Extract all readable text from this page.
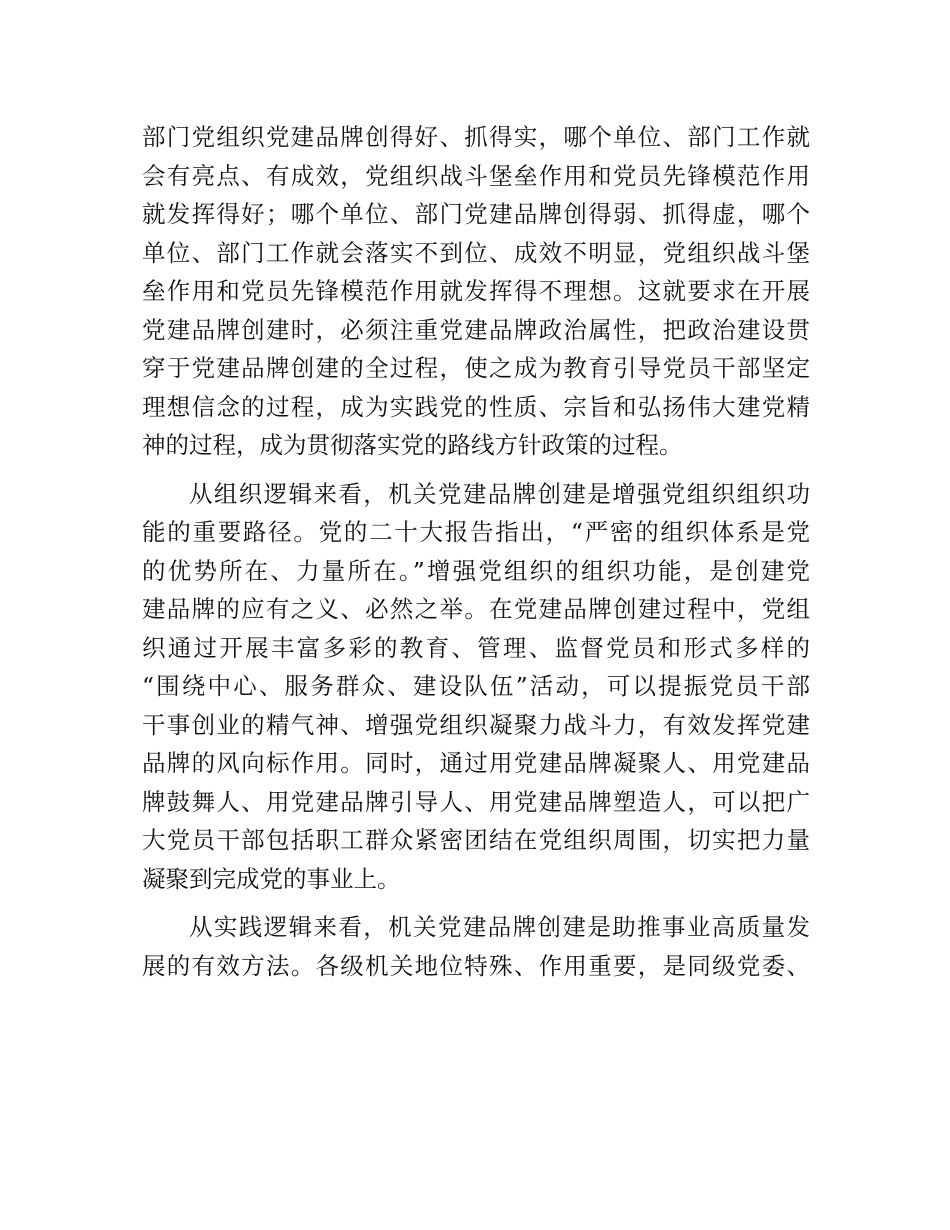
部门党组织党建品牌创得好、抓得实，哪个单位、部门工作就
会有亮点、有成效，党组织战斗堡垒作用和党员先锋模范作用
就发挥得好；哪个单位、部门党建品牌创得弱、抓得虚，哪个
单位、部门工作就会落实不到位、成效不明显，党组织战斗堡
垒作用和党员先锋模范作用就发挥得不理想。这就要求在开展
党建品牌创建时，必须注重党建品牌政治属性，把政治建设贯
穿于党建品牌创建的全过程，使之成为教育引导党员干部坚定
理想信念的过程，成为实践党的性质、宗旨和弘扬伟大建党精
神的过程，成为贯彻落实党的路线方针政策的过程。
从组织逻辑来看，机关党建品牌创建是增强党组织组织功
能的重要路径。党的二十大报告指出，“严密的组织体系是党
的优势所在、力量所在。”增强党组织的组织功能，是创建党
建品牌的应有之义、必然之举。在党建品牌创建过程中，党组
织通过开展丰富多彩的教育、管理、监督党员和形式多样的
“围绕中心、服务群众、建设队伍”活动，可以提振党员干部
干事创业的精气神、增强党组织凝聚力战斗力，有效发挥党建
品牌的风向标作用。同时，通过用党建品牌凝聚人、用党建品
牌鼓舞人、用党建品牌引导人、用党建品牌塑造人，可以把广
大党员干部包括职工群众紧密团结在党组织周围，切实把力量
凝聚到完成党的事业上。
从实践逻辑来看，机关党建品牌创建是助推事业高质量发
展的有效方法。各级机关地位特殊、作用重要，是同级党委、
